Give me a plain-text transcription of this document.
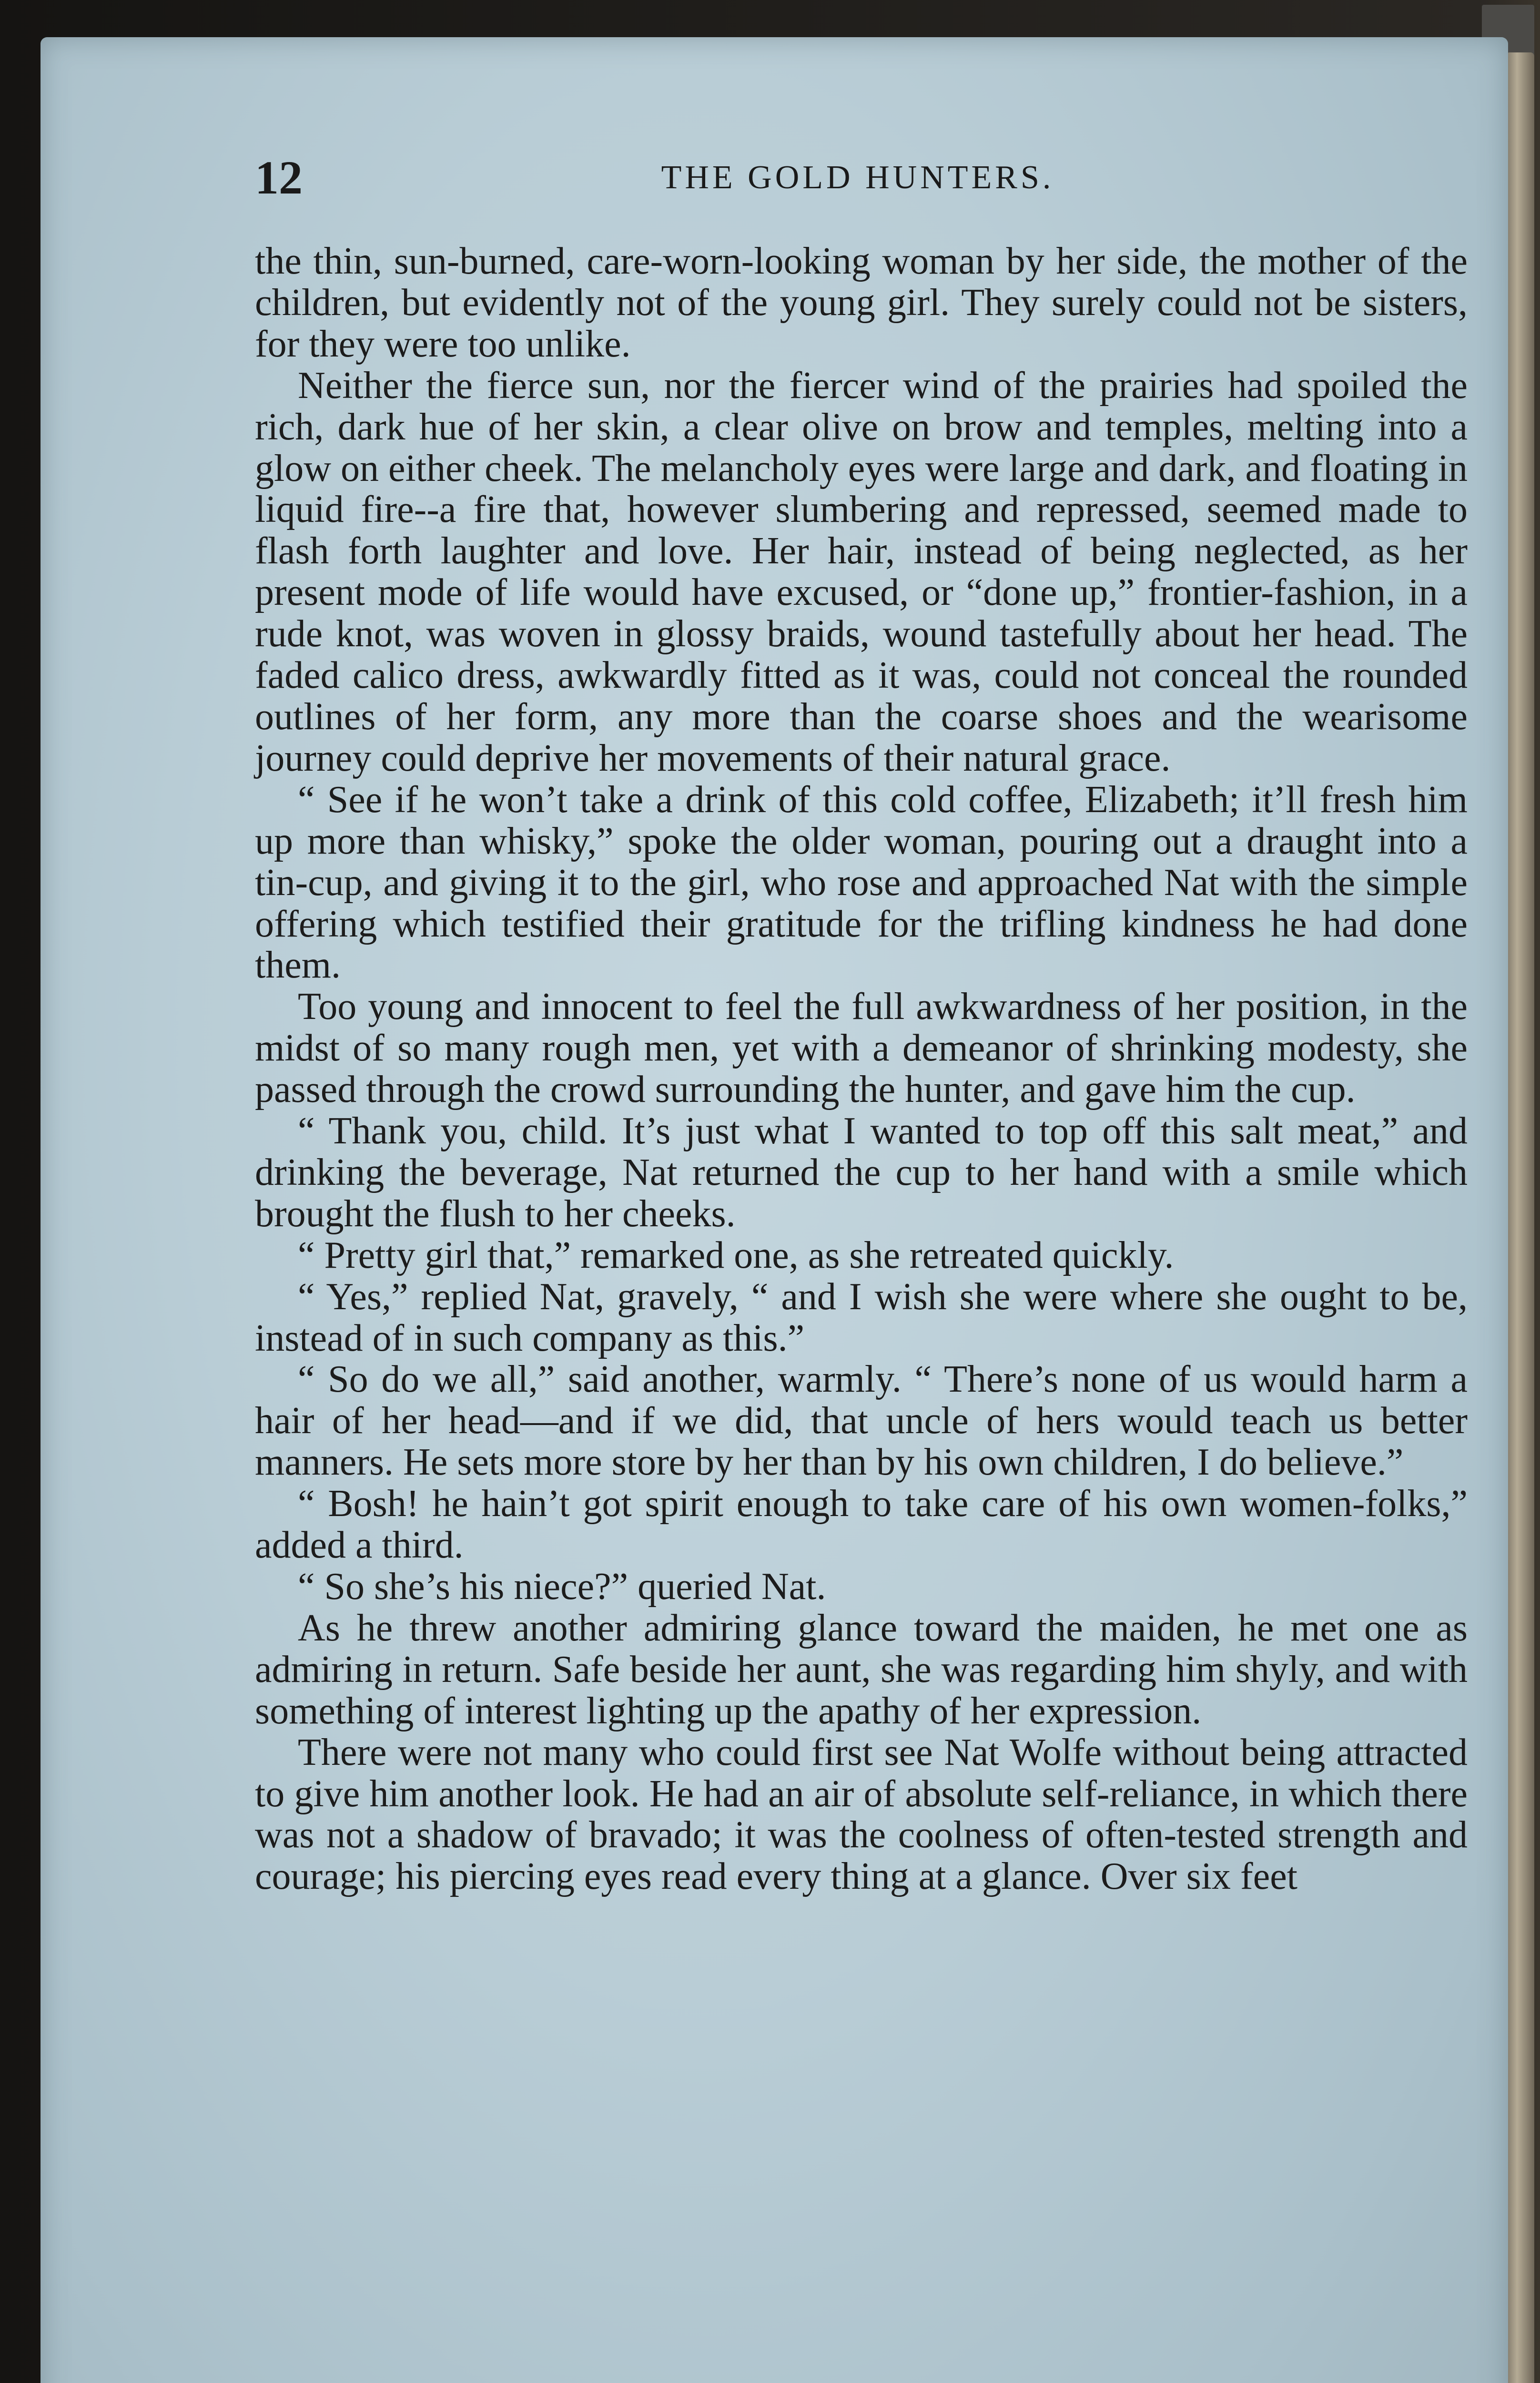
12	THE GOLD HUNTERS.

the thin, sun-burned, care-worn-looking woman by her side, the mother of the children, but evidently not of the young girl. They surely could not be sisters, for they were too unlike.

Neither the fierce sun, nor the fiercer wind of the prairies had spoiled the rich, dark hue of her skin, a clear olive on brow and temples, melting into a glow on either cheek. The melancholy eyes were large and dark, and floating in liquid fire--a fire that, however slumbering and repressed, seemed made to flash forth laughter and love. Her hair, instead of being neglected, as her present mode of life would have excused, or “done up,” frontier-fashion, in a rude knot, was woven in glossy braids, wound tastefully about her head. The faded calico dress, awkwardly fitted as it was, could not conceal the rounded outlines of her form, any more than the coarse shoes and the wearisome journey could deprive her movements of their natural grace.

“ See if he won’t take a drink of this cold coffee, Elizabeth; it’ll fresh him up more than whisky,” spoke the older woman, pouring out a draught into a tin-cup, and giving it to the girl, who rose and approached Nat with the simple offering which testified their gratitude for the trifling kindness he had done them.

Too young and innocent to feel the full awkwardness of her position, in the midst of so many rough men, yet with a demeanor of shrinking modesty, she passed through the crowd surrounding the hunter, and gave him the cup.

“ Thank you, child. It’s just what I wanted to top off this salt meat,” and drinking the beverage, Nat returned the cup to her hand with a smile which brought the flush to her cheeks.

“ Pretty girl that,” remarked one, as she retreated quickly.

“ Yes,” replied Nat, gravely, “ and I wish she were where she ought to be, instead of in such company as this.”

“ So do we all,” said another, warmly. “ There’s none of us would harm a hair of her head—and if we did, that uncle of hers would teach us better manners. He sets more store by her than by his own children, I do believe.”

“ Bosh! he hain’t got spirit enough to take care of his own women-folks,” added a third.

“ So she’s his niece?” queried Nat.

As he threw another admiring glance toward the maiden, he met one as admiring in return. Safe beside her aunt, she was regarding him shyly, and with something of interest lighting up the apathy of her expression.

There were not many who could first see Nat Wolfe without being attracted to give him another look. He had an air of absolute self-reliance, in which there was not a shadow of bravado; it was the coolness of often-tested strength and courage; his piercing eyes read every thing at a glance. Over six feet
